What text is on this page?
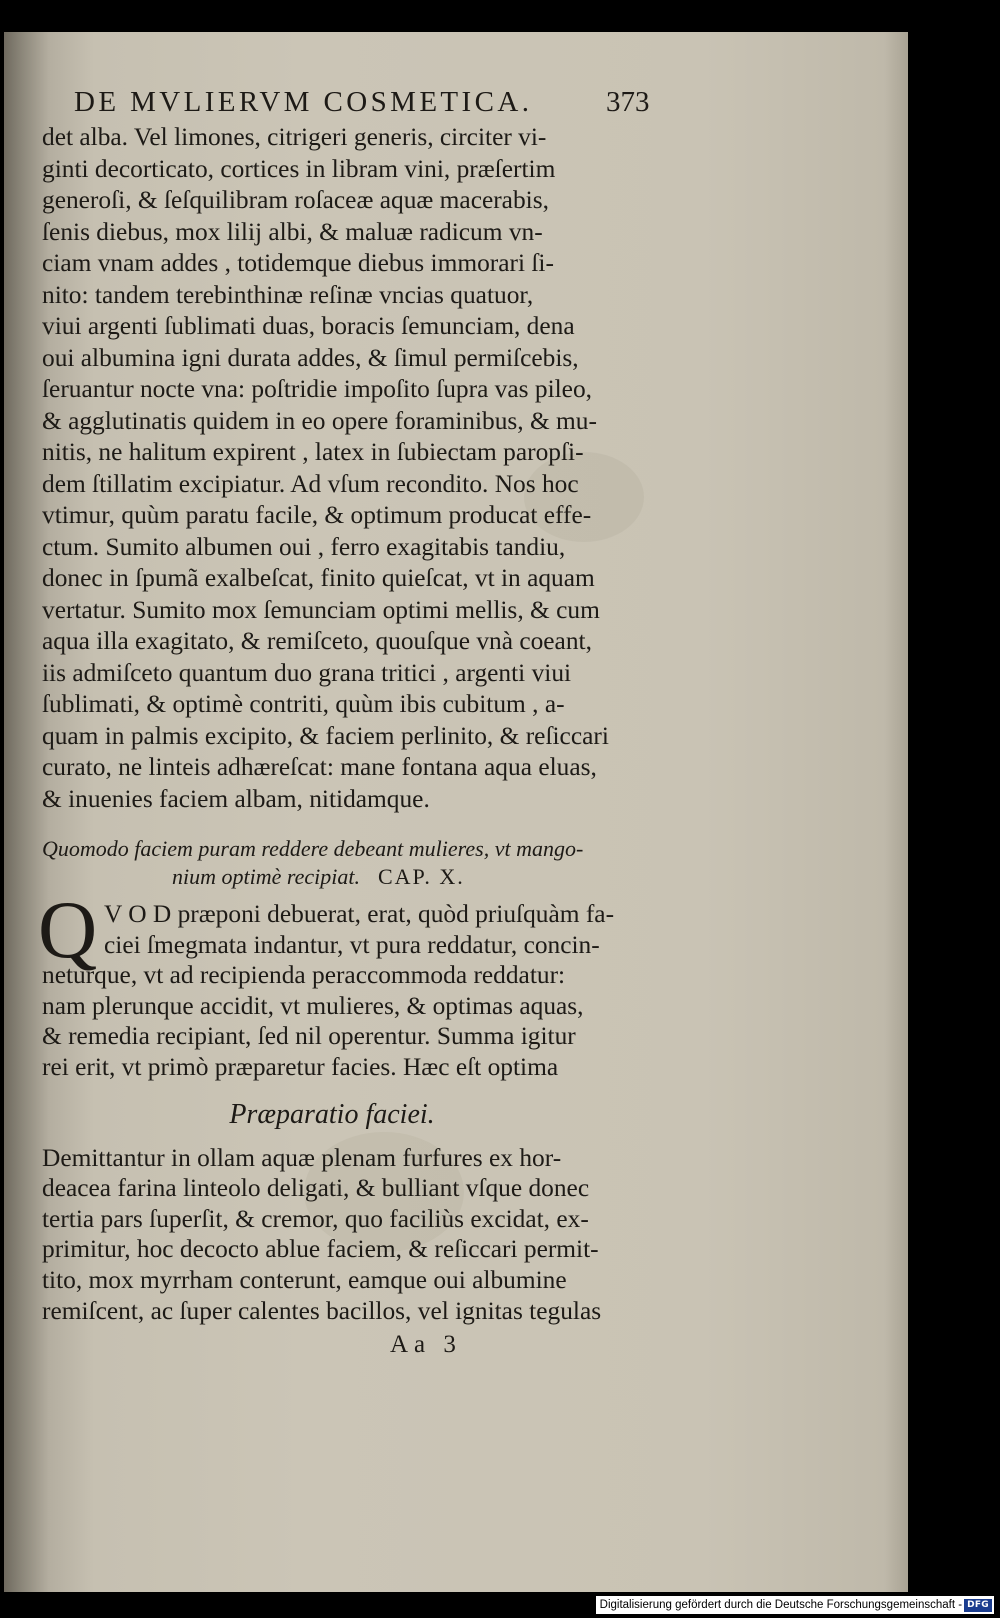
DE MVLIERVM COSMETICA.	373
det alba. Vel limones, citrigeri generis, circiter vi-
ginti decorticato, cortices in libram vini, præſertim
generoſi, & ſeſquilibram roſaceæ aquæ macerabis,
ſenis diebus, mox lilij albi, & maluæ radicum vn-
ciam vnam addes , totidemque diebus immorari ſi-
nito: tandem terebinthinæ reſinæ vncias quatuor,
viui argenti ſublimati duas, boracis ſemunciam, dena
oui albumina igni durata addes, & ſimul permiſcebis,
ſeruantur nocte vna: poſtridie impoſito ſupra vas pileo,
& agglutinatis quidem in eo opere foraminibus, & mu-
nitis, ne halitum expirent , latex in ſubiectam paropſi-
dem ſtillatim excipiatur. Ad vſum recondito. Nos hoc
vtimur, quùm paratu facile, & optimum producat effe-
ctum. Sumito albumen oui , ferro exagitabis tandiu,
donec in ſpumã exalbeſcat, finito quieſcat, vt in aquam
vertatur. Sumito mox ſemunciam optimi mellis, & cum
aqua illa exagitato, & remiſceto, quouſque vnà coeant,
iis admiſceto quantum duo grana tritici , argenti viui
ſublimati, & optimè contriti, quùm ibis cubitum , a-
quam in palmis excipito, & faciem perlinito, & reſiccari
curato, ne linteis adhæreſcat: mane fontana aqua eluas,
& inuenies faciem albam, nitidamque.
Quomodo faciem puram reddere debeant mulieres, vt mango-
nium optimè recipiat. CAP. X.
Q V O D præponi debuerat, erat, quòd priuſquàm fa-
ciei ſmegmata indantur, vt pura reddatur, concin-
neturque, vt ad recipienda peraccommoda reddatur:
nam plerunque accidit, vt mulieres, & optimas aquas,
& remedia recipiant, ſed nil operentur. Summa igitur
rei erit, vt primò præparetur facies. Hæc eſt optima
Præparatio faciei.
Demittantur in ollam aquæ plenam furfures ex hor-
deacea farina linteolo deligati, & bulliant vſque donec
tertia pars ſuperſit, & cremor, quo faciliùs excidat, ex-
primitur, hoc decocto ablue faciem, & reſiccari permit-
tito, mox myrrham conterunt, eamque oui albumine
remiſcent, ac ſuper calentes bacillos, vel ignitas tegulas
Aa 3
Digitalisierung gefördert durch die Deutsche Forschungsgemeinschaft - DFG
